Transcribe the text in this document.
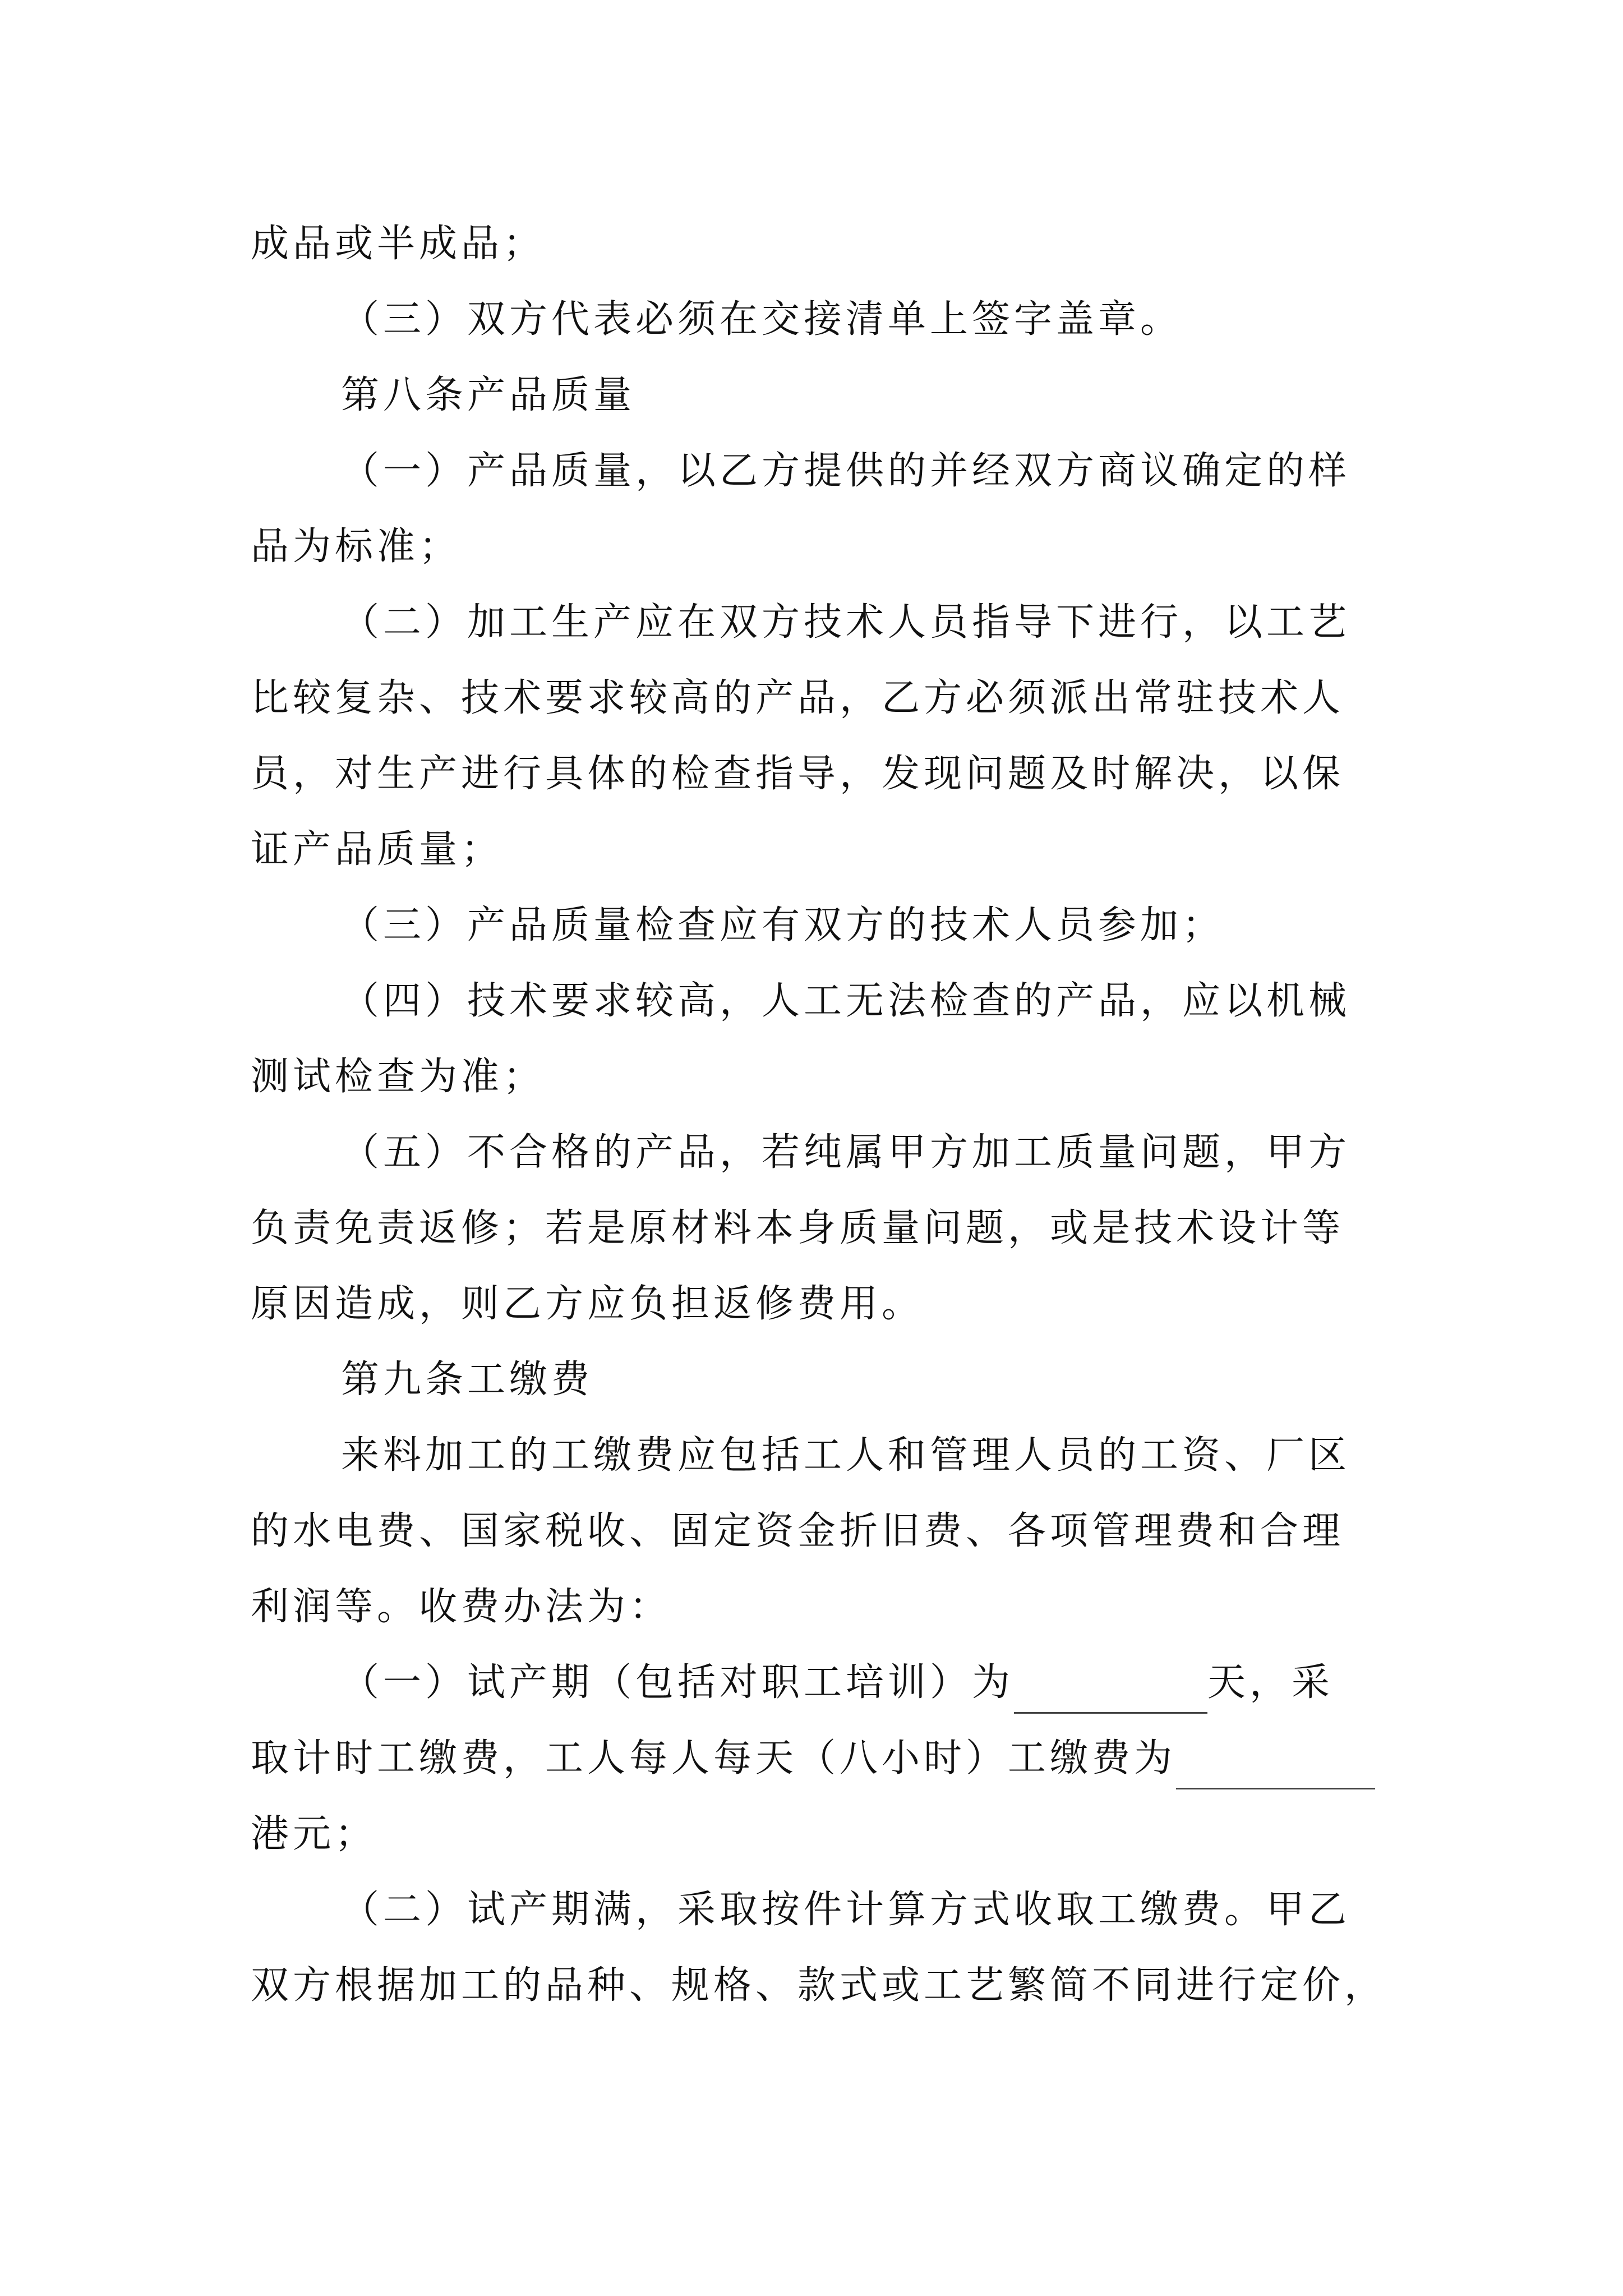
成品或半成品；
（三）双方代表必须在交接清单上签字盖章。
第八条产品质量
（一）产品质量，以乙方提供的并经双方商议确定的样
品为标准；
（二）加工生产应在双方技术人员指导下进行，以工艺
比较复杂、技术要求较高的产品，乙方必须派出常驻技术人
员，对生产进行具体的检查指导，发现问题及时解决，以保
证产品质量；
（三）产品质量检查应有双方的技术人员参加；
（四）技术要求较高，人工无法检查的产品，应以机械
测试检查为准；
（五）不合格的产品，若纯属甲方加工质量问题，甲方
负责免责返修；若是原材料本身质量问题，或是技术设计等
原因造成，则乙方应负担返修费用。
第九条工缴费
来料加工的工缴费应包括工人和管理人员的工资、厂区
的水电费、国家税收、固定资金折旧费、各项管理费和合理
利润等。收费办法为：
（一）试产期（包括对职工培训）为	天，采
取计时工缴费，工人每人每天（八小时）工缴费为
港元；
（二）试产期满，采取按件计算方式收取工缴费。甲乙
双方根据加工的品种、规格、款式或工艺繁简不同进行定价，
